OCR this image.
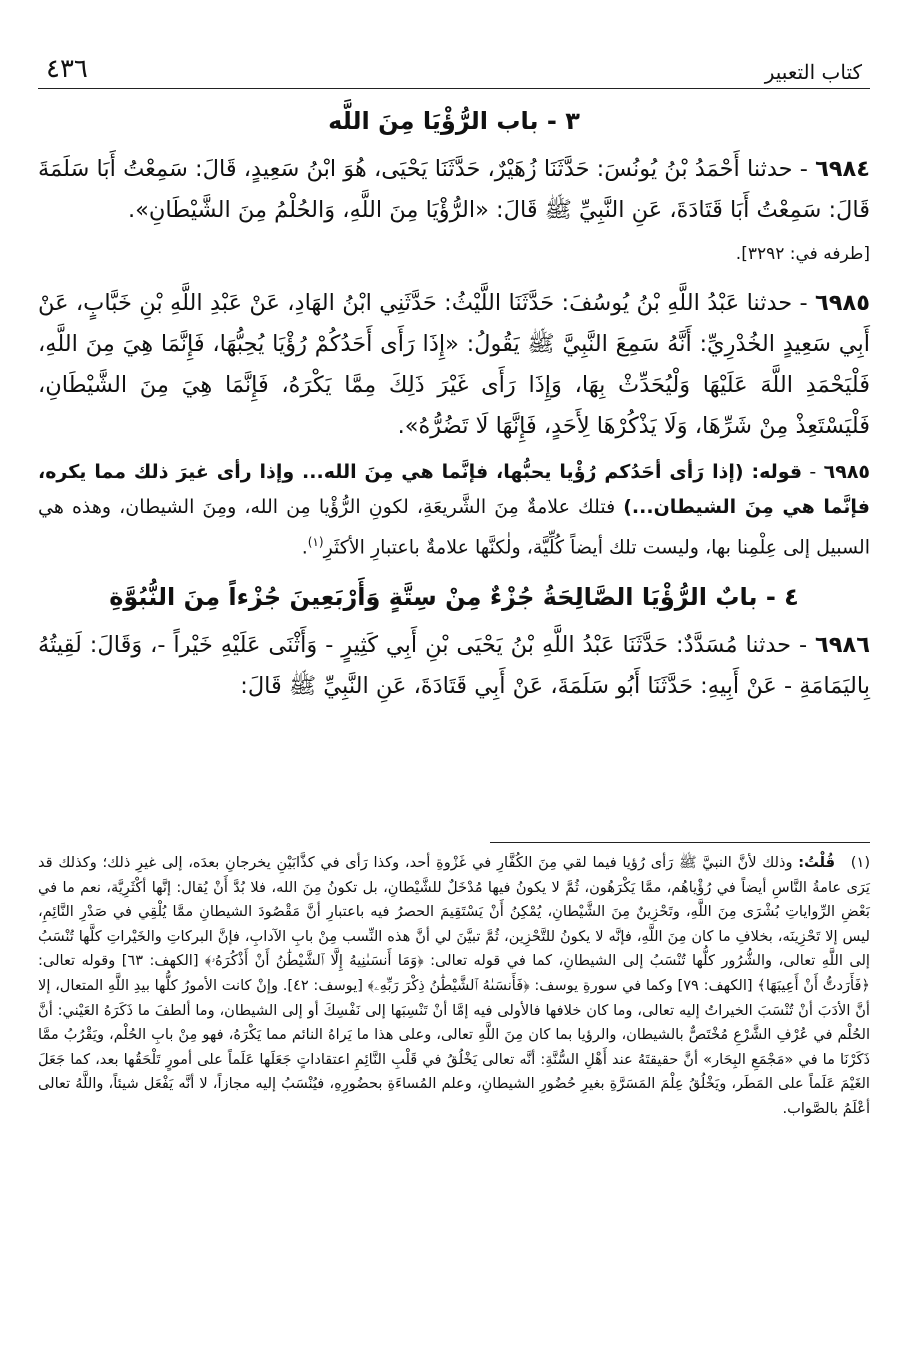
كتاب التعبير
٤٣٦
٣ - باب الرُّؤْيَا مِنَ اللَّه

٦٩٨٤ - حدثنا أَحْمَدُ بْنُ يُونُسَ: حَدَّثَنَا زُهَيْرٌ، حَدَّثَنَا يَحْيَى، هُوَ ابْنُ سَعِيدٍ، قَالَ: سَمِعْتُ أَبَا سَلَمَةَ قَالَ: سَمِعْتُ أَبَا قَتَادَةَ، عَنِ النَّبِيِّ ﷺ قَالَ: «الرُّؤْيَا مِنَ اللَّهِ، وَالحُلْمُ مِنَ الشَّيْطَانِ».

[طرفه في: ٣٢٩٢].

٦٩٨٥ - حدثنا عَبْدُ اللَّهِ بْنُ يُوسُفَ: حَدَّثَنَا اللَّيْثُ: حَدَّثَنِي ابْنُ الهَادِ، عَنْ عَبْدِ اللَّهِ بْنِ خَبَّابٍ، عَنْ أَبِي سَعِيدٍ الخُدْرِيِّ: أَنَّهُ سَمِعَ النَّبِيَّ ﷺ يَقُولُ: «إِذَا رَأَى أَحَدُكُمْ رُؤْيَا يُحِبُّهَا، فَإِنَّمَا هِيَ مِنَ اللَّهِ، فَلْيَحْمَدِ اللَّهَ عَلَيْهَا وَلْيُحَدِّثْ بِهَا، وَإِذَا رَأَى غَيْرَ ذَلِكَ مِمَّا يَكْرَهُ، فَإِنَّمَا هِيَ مِنَ الشَّيْطَانِ، فَلْيَسْتَعِذْ مِنْ شَرِّهَا، وَلَا يَذْكُرْهَا لِأَحَدٍ، فَإِنَّهَا لَا تَضُرُّهُ».

٦٩٨٥ - قوله: (إذا رَأى أحَدُكم رُؤْيا يحبُّها، فإنَّما هي مِنَ الله... وإذا رأى غيرَ ذلك مما يكره، فإنَّما هي مِنَ الشيطان...) فتلك علامةٌ مِنَ الشَّريعَةِ، لكونِ الرُّؤْيا مِن الله، ومِنَ الشيطان، وهذه هي السبيل إلى عِلْمِنا بها، وليست تلك أيضاً كُلِّيَّة، ولٰكنَّها علامةٌ باعتبارِ الأكثَرِ$^{(١)}$.

٤ - بابٌ الرُّؤْيَا الصَّالِحَةُ جُزْءٌ مِنْ سِتَّةٍ وَأَرْبَعِينَ جُزْءاً مِنَ النُّبُوَّةِ

٦٩٨٦ - حدثنا مُسَدَّدٌ: حَدَّثَنَا عَبْدُ اللَّهِ بْنُ يَحْيَى بْنِ أَبِي كَثِيرٍ - وَأَثْنَى عَلَيْهِ خَيْراً -، وَقَالَ: لَقِيتُهُ بِاليَمَامَةِ - عَنْ أَبِيهِ: حَدَّثَنَا أَبُو سَلَمَةَ، عَنْ أَبِي قَتَادَةَ، عَنِ النَّبِيِّ ﷺ قَالَ:

(١) قُلْتُ: وذلك لأنَّ النبيَّ ﷺ رَأى رُؤيا فيما لقي مِنَ الكُفَّارِ في غَزْوةِ أحد، وكذا رَأى في كذَّابَيْنِ يخرجانِ بعدَه، إلى غيرِ ذلك؛ وكذلك قد يَرَى عامةُ النَّاسِ أيضاً في رُؤْياهُم، ممَّا يَكْرَهُون، ثُمَّ لا يكونُ فيها مُدْخَلٌ للشَّيْطانِ، بل تكونُ مِنَ الله، فلا بُدَّ أَنْ يُقال: إنَّها أكْثَرِيَّة، نعم ما في بَعْضِ الرِّواياتِ بُشْرَى مِنَ اللَّهِ، وتَحْزِينٌ مِنَ الشَّيْطانِ، يُمْكِنُ أَنْ يَسْتَقِيمَ الحصرُ فيه باعتبارِ أنَّ مَقْصُودَ الشيطانِ ممَّا يُلْقِي في صَدْرِ النَّائِمِ، ليس إلا تَحْزِينَه، بخلافِ ما كان مِنَ اللَّهِ، فإنَّه لا يكونُ للتَّحْزِين، ثُمَّ تبيَّنَ لي أنَّ هذه النِّسب مِنْ بابِ الآدابِ، فإنَّ البركاتِ والخَيْراتِ كلَّها تُنْسَبُ إلى اللَّهِ تعالى، والشُّرُور كلُّها تُنْسَبُ إلى الشيطانِ، كما في قوله تعالى: ﴿وَمَا أَنسَىٰنِيهُ إِلَّا ٱلشَّيْطَٰنُ أَنْ أَذْكُرَهُۥ﴾ [الكهف: ٦٣] وقوله تعالى: ﴿فَأَرَدتُّ أَنْ أَعِيبَهَا﴾ [الكهف: ٧٩] وكما في سورةِ يوسف: ﴿فَأَنسَىٰهُ ٱلشَّيْطَٰنُ ذِكْرَ رَبِّهِۦ﴾ [يوسف: ٤٢]. وإنْ كانت الأمورُ كلُّها بيدِ اللَّهِ المتعال، إلا أنَّ الأدَبَ أنْ تُنْسَبَ الخيراتُ إليه تعالى، وما كان خلافها فالأولى فيه إمَّا أنْ تَنْسِبَها إلى نَفْسِكَ أو إلى الشيطان، وما ألطفَ ما ذَكَرَهُ العَيْني: أنَّ الحُلْم في عُرْفِ الشَّرْعِ مُخْتَصٌّ بالشيطان، والرؤيا بما كان مِنَ اللَّهِ تعالى، وعلى هذا ما يَراهُ النائم مما يَكْرَهُ، فهو مِنْ بابِ الحُلْم، ويَقْرُبُ ممَّا ذَكَرْنَا ما في «مَجْمَعِ البِحَار» أنَّ حقيقتَهُ عند أَهْلِ السُّنَّةِ: أنَّه تعالى يَخْلُقُ في قَلْبِ النَّائِمِ اعتقاداتٍ جَعَلَها عَلَماً على أمورٍ تَلْحَقُها بعد، كما جَعَلَ الغَيْمَ عَلَماً على المَطَر، ويَخْلُقُ عِلْمَ المَسَرَّةِ بغيرِ حُضُورِ الشيطانِ، وعلم المُساءَةِ بحضُورِهِ، فيُنْسَبُ إليه مجازاً، لا أنَّه يَفْعَل شيئاً، واللَّهُ تعالى أعْلَمُ بالصَّواب.
